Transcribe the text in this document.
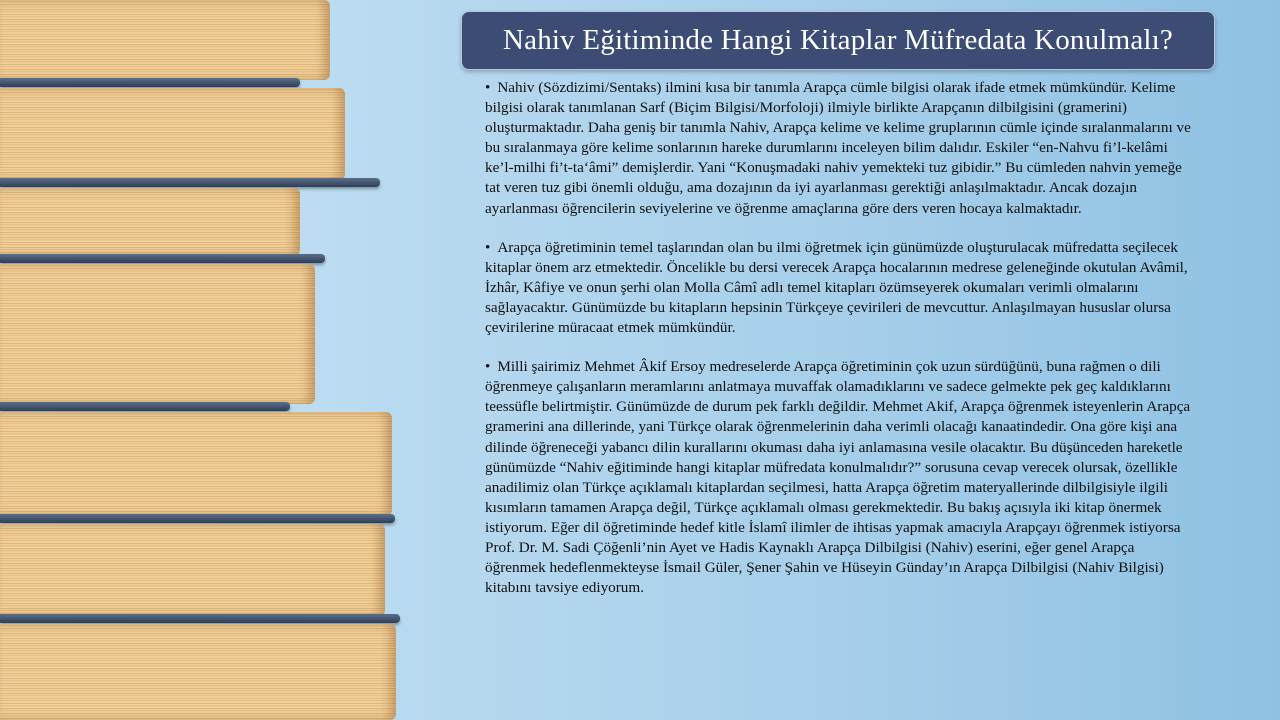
Nahiv Eğitiminde Hangi Kitaplar Müfredata Konulmalı?

• Nahiv (Sözdizimi/Sentaks) ilmini kısa bir tanımla Arapça cümle bilgisi olarak ifade etmek mümkündür. Kelime bilgisi olarak tanımlanan Sarf (Biçim Bilgisi/Morfoloji) ilmiyle birlikte Arapçanın dilbilgisini (gramerini) oluşturmaktadır. Daha geniş bir tanımla Nahiv, Arapça kelime ve kelime gruplarının cümle içinde sıralanmalarını ve bu sıralanmaya göre kelime sonlarının hareke durumlarını inceleyen bilim dalıdır. Eskiler “en-Nahvu fi’l-kelâmi ke’l-milhi fi’t-ta‘âmi” demişlerdir. Yani “Konuşmadaki nahiv yemekteki tuz gibidir.” Bu cümleden nahvin yemeğe tat veren tuz gibi önemli olduğu, ama dozajının da iyi ayarlanması gerektiği anlaşılmaktadır. Ancak dozajın ayarlanması öğrencilerin seviyelerine ve öğrenme amaçlarına göre ders veren hocaya kalmaktadır.

• Arapça öğretiminin temel taşlarından olan bu ilmi öğretmek için günümüzde oluşturulacak müfredatta seçilecek kitaplar önem arz etmektedir. Öncelikle bu dersi verecek Arapça hocalarının medrese geleneğinde okutulan Avâmil, İzhâr, Kâfiye ve onun şerhi olan Molla Câmî adlı temel kitapları özümseyerek okumaları verimli olmalarını sağlayacaktır. Günümüzde bu kitapların hepsinin Türkçeye çevirileri de mevcuttur. Anlaşılmayan hususlar olursa çevirilerine müracaat etmek mümkündür.

• Milli şairimiz Mehmet Âkif Ersoy medreselerde Arapça öğretiminin çok uzun sürdüğünü, buna rağmen o dili öğrenmeye çalışanların meramlarını anlatmaya muvaffak olamadıklarını ve sadece gelmekte pek geç kaldıklarını teessüfle belirtmiştir. Günümüzde de durum pek farklı değildir. Mehmet Akif, Arapça öğrenmek isteyenlerin Arapça gramerini ana dillerinde, yani Türkçe olarak öğrenmelerinin daha verimli olacağı kanaatindedir. Ona göre kişi ana dilinde öğreneceği yabancı dilin kurallarını okuması daha iyi anlamasına vesile olacaktır. Bu düşünceden hareketle günümüzde “Nahiv eğitiminde hangi kitaplar müfredata konulmalıdır?” sorusuna cevap verecek olursak, özellikle anadilimiz olan Türkçe açıklamalı kitaplardan seçilmesi, hatta Arapça öğretim materyallerinde dilbilgisiyle ilgili kısımların tamamen Arapça değil, Türkçe açıklamalı olması gerekmektedir. Bu bakış açısıyla iki kitap önermek istiyorum. Eğer dil öğretiminde hedef kitle İslamî ilimler de ihtisas yapmak amacıyla Arapçayı öğrenmek istiyorsa Prof. Dr. M. Sadi Çöğenli’nin Ayet ve Hadis Kaynaklı Arapça Dilbilgisi (Nahiv) eserini, eğer genel Arapça öğrenmek hedeflenmekteyse İsmail Güler, Şener Şahin ve Hüseyin Günday’ın Arapça Dilbilgisi (Nahiv Bilgisi) kitabını tavsiye ediyorum.
